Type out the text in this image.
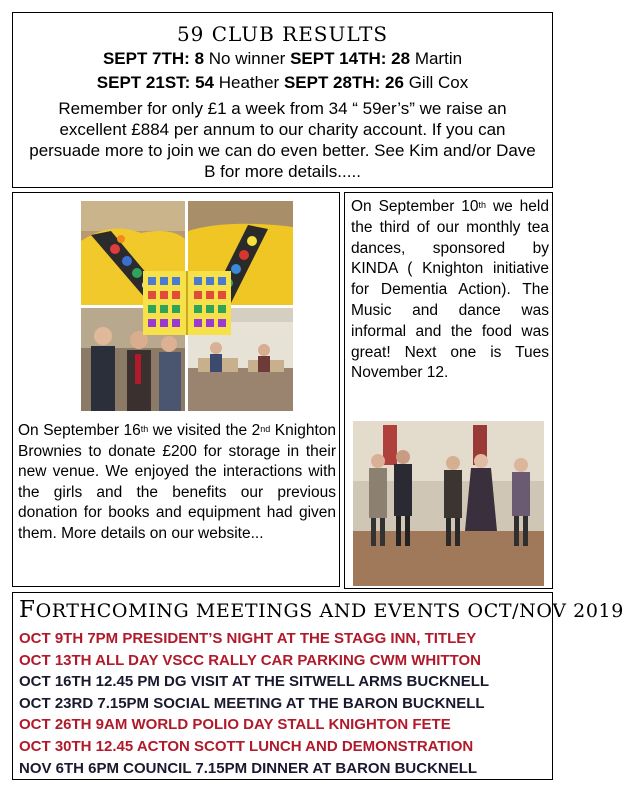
59 CLUB RESULTS
SEPT 7TH: 8 No winner SEPT 14TH: 28 Martin
SEPT 21ST: 54 Heather SEPT 28TH: 26 Gill Cox
Remember for only £1 a week from 34 “ 59er’s” we raise an excellent £884 per annum to our charity account. If you can persuade more to join we can do even better. See Kim and/or Dave B for more details.....
On September 16th we visited the 2nd Knighton Brownies to donate £200 for storage in their new venue. We enjoyed the interactions with the girls and the benefits our previous donation for books and equipment had given them. More details on our website...
On September 10th we held the third of our monthly tea dances, sponsored by KINDA ( Knighton initiative for Dementia Action). The Music and dance was informal and the food was great! Next one is Tues November 12.
FORTHCOMING MEETINGS AND EVENTS OCT/NOV 2019
OCT 9TH 7PM PRESIDENT’S NIGHT AT THE STAGG INN, TITLEY
OCT 13TH ALL DAY VSCC RALLY CAR PARKING CWM WHITTON
OCT 16TH 12.45 PM DG VISIT AT THE SITWELL ARMS BUCKNELL
OCT 23RD 7.15PM SOCIAL MEETING AT THE BARON BUCKNELL
OCT 26TH 9AM WORLD POLIO DAY STALL KNIGHTON FETE
OCT 30TH 12.45 ACTON SCOTT LUNCH AND DEMONSTRATION
NOV 6TH 6PM COUNCIL 7.15PM DINNER AT BARON BUCKNELL
